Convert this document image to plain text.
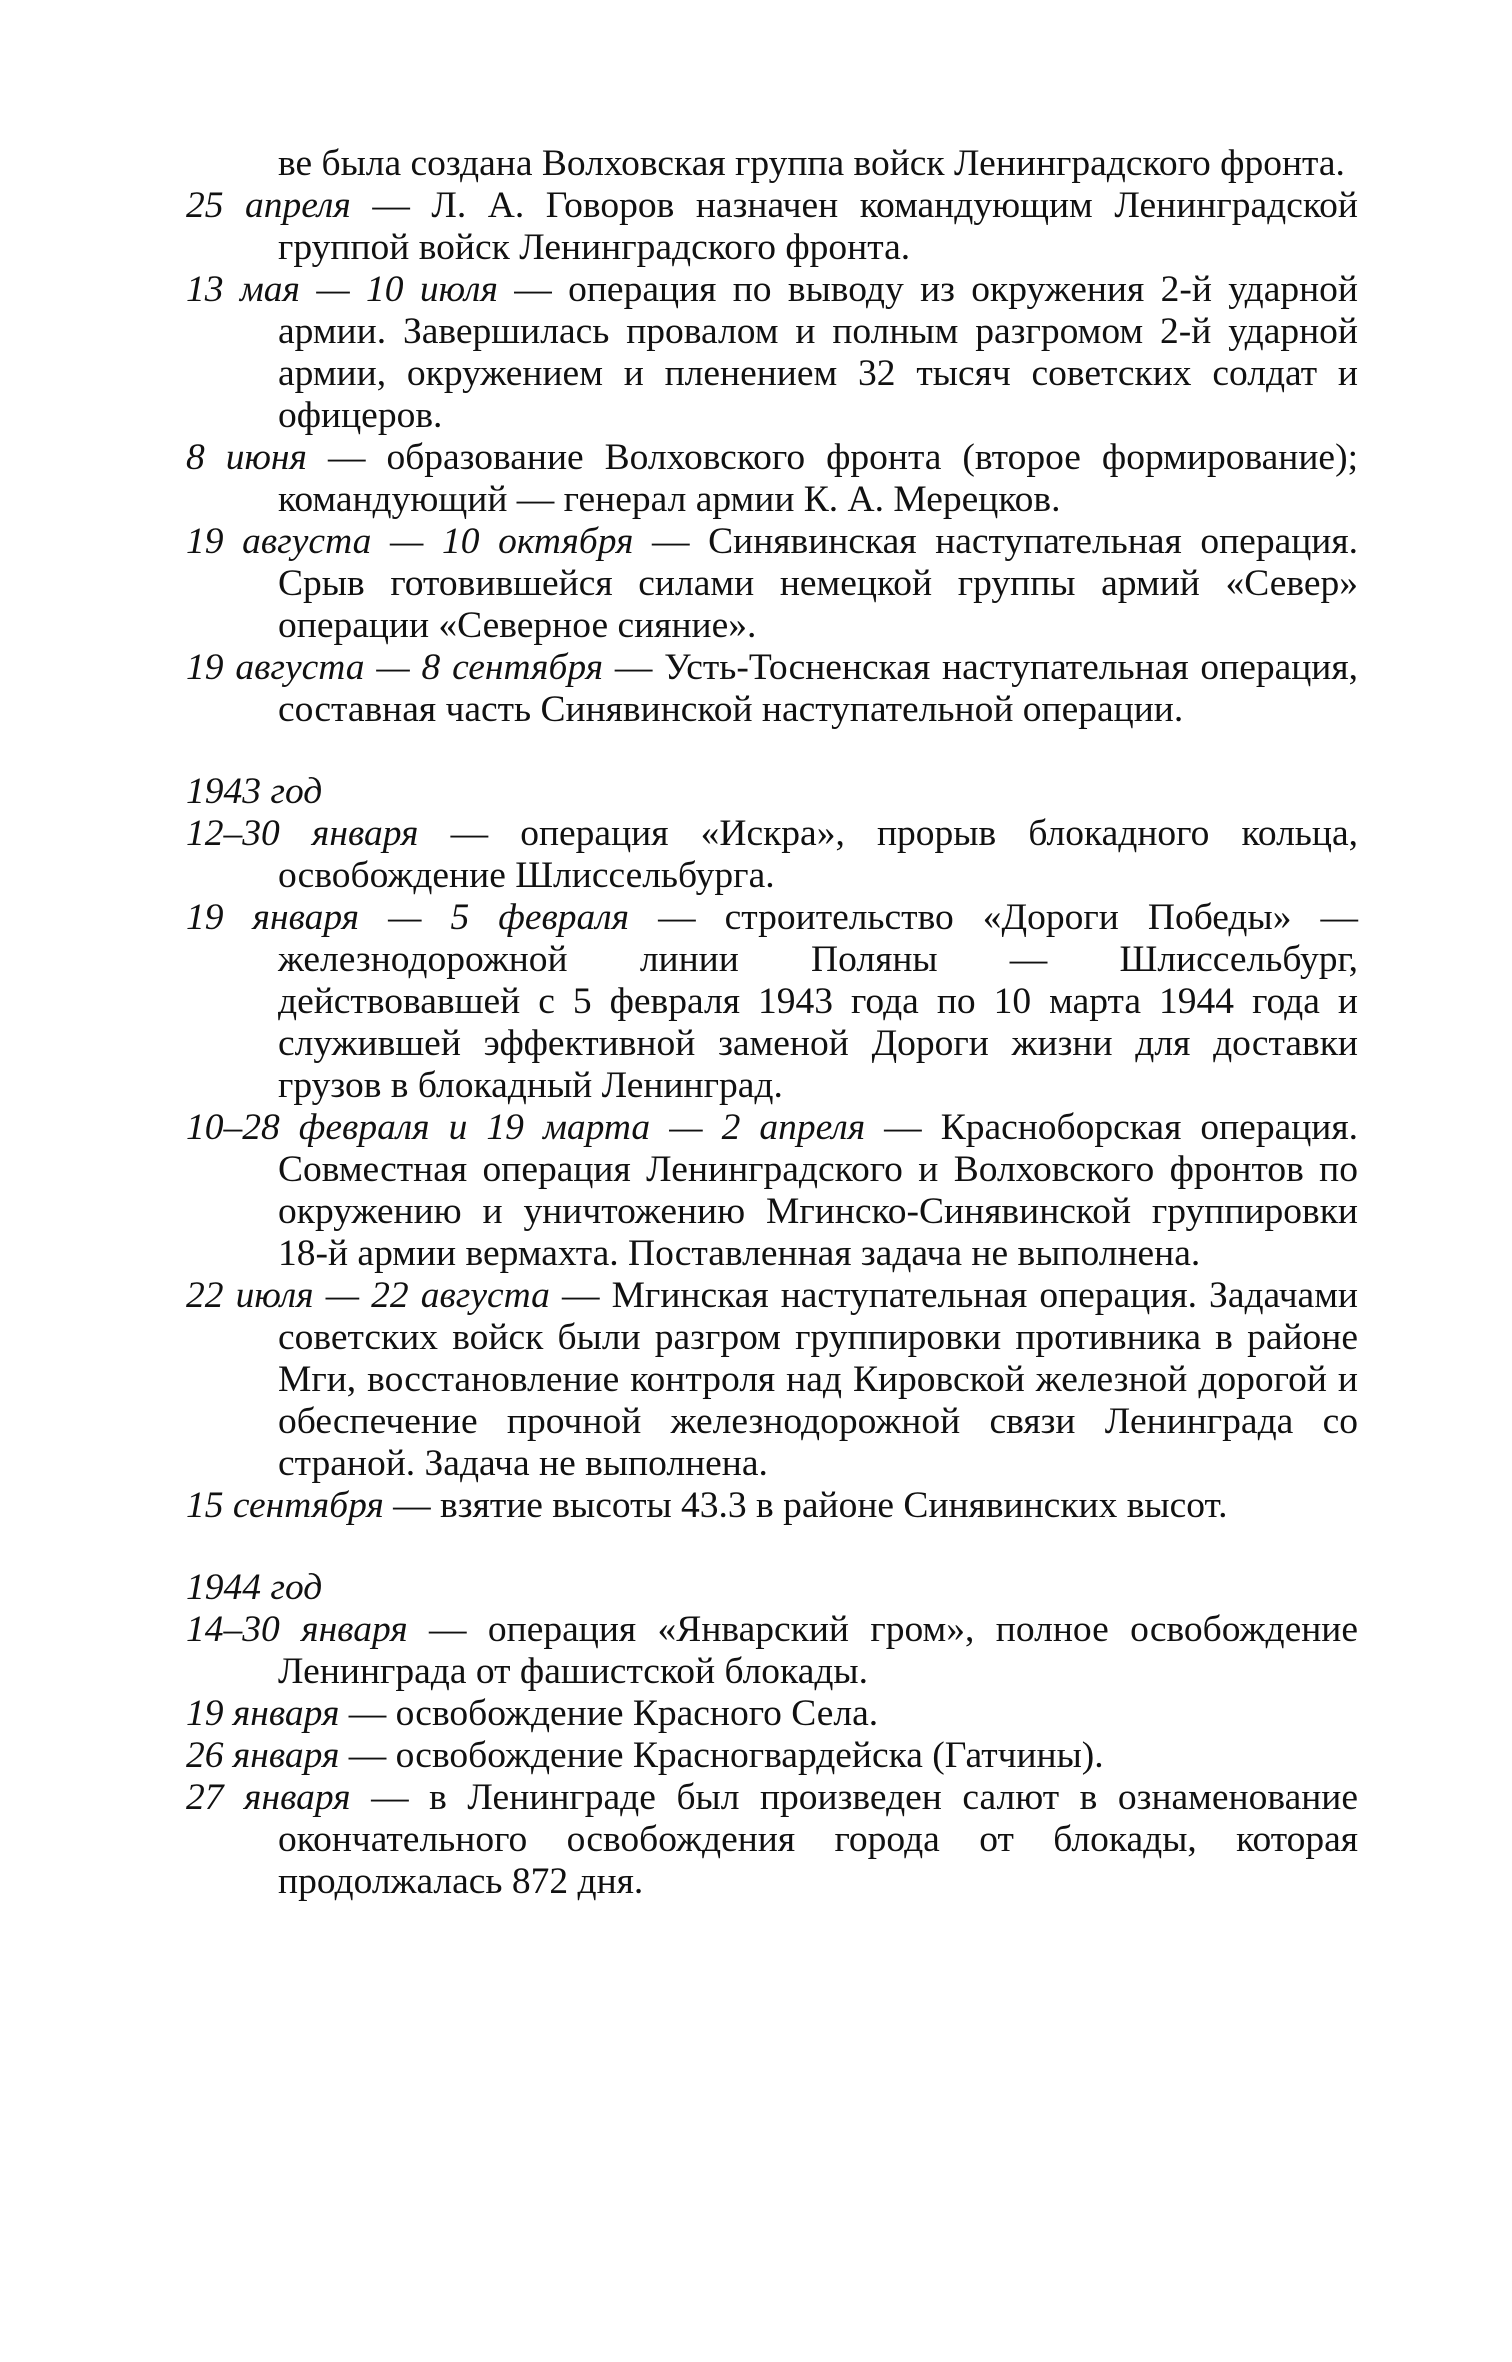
ве была создана Волховская группа войск Ленинградского фронта.

25 апреля — Л. А. Говоров назначен командующим Ленинградской группой войск Ленинградского фронта.

13 мая — 10 июля — операция по выводу из окружения 2-й ударной армии. Завершилась провалом и полным разгромом 2-й ударной армии, окружением и пленением 32 тысяч советских солдат и офицеров.

8 июня — образование Волховского фронта (второе формирование); командующий — генерал армии К. А. Мерецков.

19 августа — 10 октября — Синявинская наступательная операция. Срыв готовившейся силами немецкой группы армий «Север» операции «Северное сияние».

19 августа — 8 сентября — Усть-Тосненская наступательная операция, составная часть Синявинской наступательной операции.

1943 год

12–30 января — операция «Искра», прорыв блокадного кольца, освобождение Шлиссельбурга.

19 января — 5 февраля — строительство «Дороги Победы» — железнодорожной линии Поляны — Шлиссельбург, действовавшей с 5 февраля 1943 года по 10 марта 1944 года и служившей эффективной заменой Дороги жизни для доставки грузов в блокадный Ленинград.

10–28 февраля и 19 марта — 2 апреля — Красноборская операция. Совместная операция Ленинградского и Волховского фронтов по окружению и уничтожению Мгинско-Синявинской группировки 18-й армии вермахта. Поставленная задача не выполнена.

22 июля — 22 августа — Мгинская наступательная операция. Задачами советских войск были разгром группировки противника в районе Мги, восстановление контроля над Кировской железной дорогой и обеспечение прочной железнодорожной связи Ленинграда со страной. Задача не выполнена.

15 сентября — взятие высоты 43.3 в районе Синявинских высот.

1944 год

14–30 января — операция «Январский гром», полное освобождение Ленинграда от фашистской блокады.

19 января — освобождение Красного Села.

26 января — освобождение Красногвардейска (Гатчины).

27 января — в Ленинграде был произведен салют в ознаменование окончательного освобождения города от блокады, которая продолжалась 872 дня.
